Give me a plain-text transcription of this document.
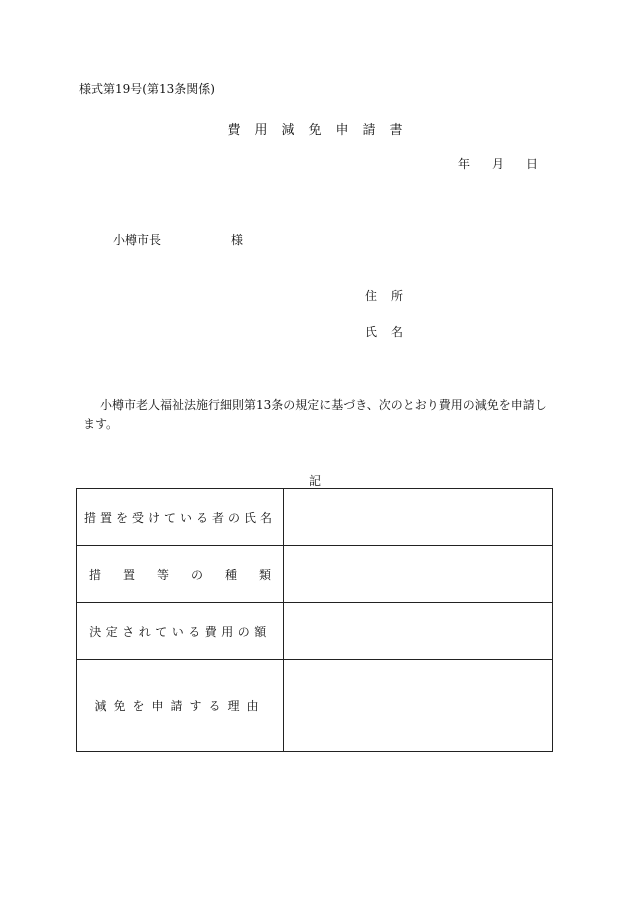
様式第19号(第13条関係)
費 用 減 免 申 請 書
年 月 日
小樽市長	様
住 所
氏 名
小樽市老人福祉法施行細則第13条の規定に基づき、次のとおり費用の減免を申請します。
記
措置を受けている者の氏名	
措 置 等 の 種 類	
決定されている費用の額	
減免を申請する理由	
